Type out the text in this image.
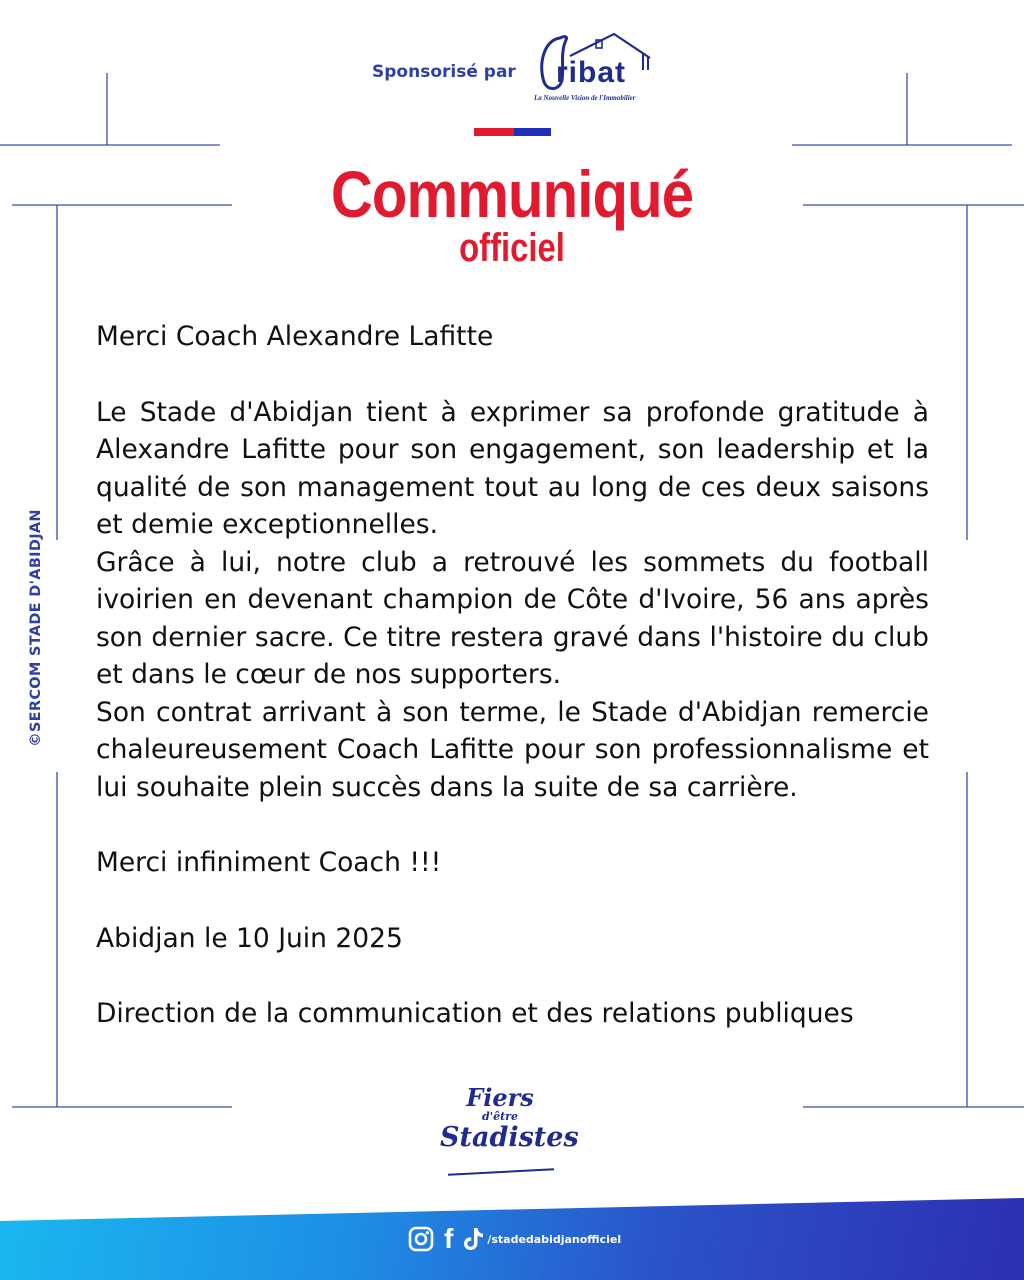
Sponsorisé par ribat
La Nouvelle Vision de l'Immobilier
Communiqué
officiel

Merci Coach Alexandre Lafitte

Le Stade d'Abidjan tient à exprimer sa profonde gratitude à Alexandre Lafitte pour son engagement, son leadership et la qualité de son management tout au long de ces deux saisons et demie exceptionnelles.

Grâce à lui, notre club a retrouvé les sommets du football ivoirien en devenant champion de Côte d'Ivoire, 56 ans après son dernier sacre. Ce titre restera gravé dans l'histoire du club et dans le cœur de nos supporters.

Son contrat arrivant à son terme, le Stade d'Abidjan remercie chaleureusement Coach Lafitte pour son professionnalisme et lui souhaite plein succès dans la suite de sa carrière.

Merci infiniment Coach !!!

Abidjan le 10 Juin 2025

Direction de la communication et des relations publiques

©SERCOM STADE D'ABIDJAN
Fiers
d'être
Stadistes
f	/stadedabidjanofficiel
